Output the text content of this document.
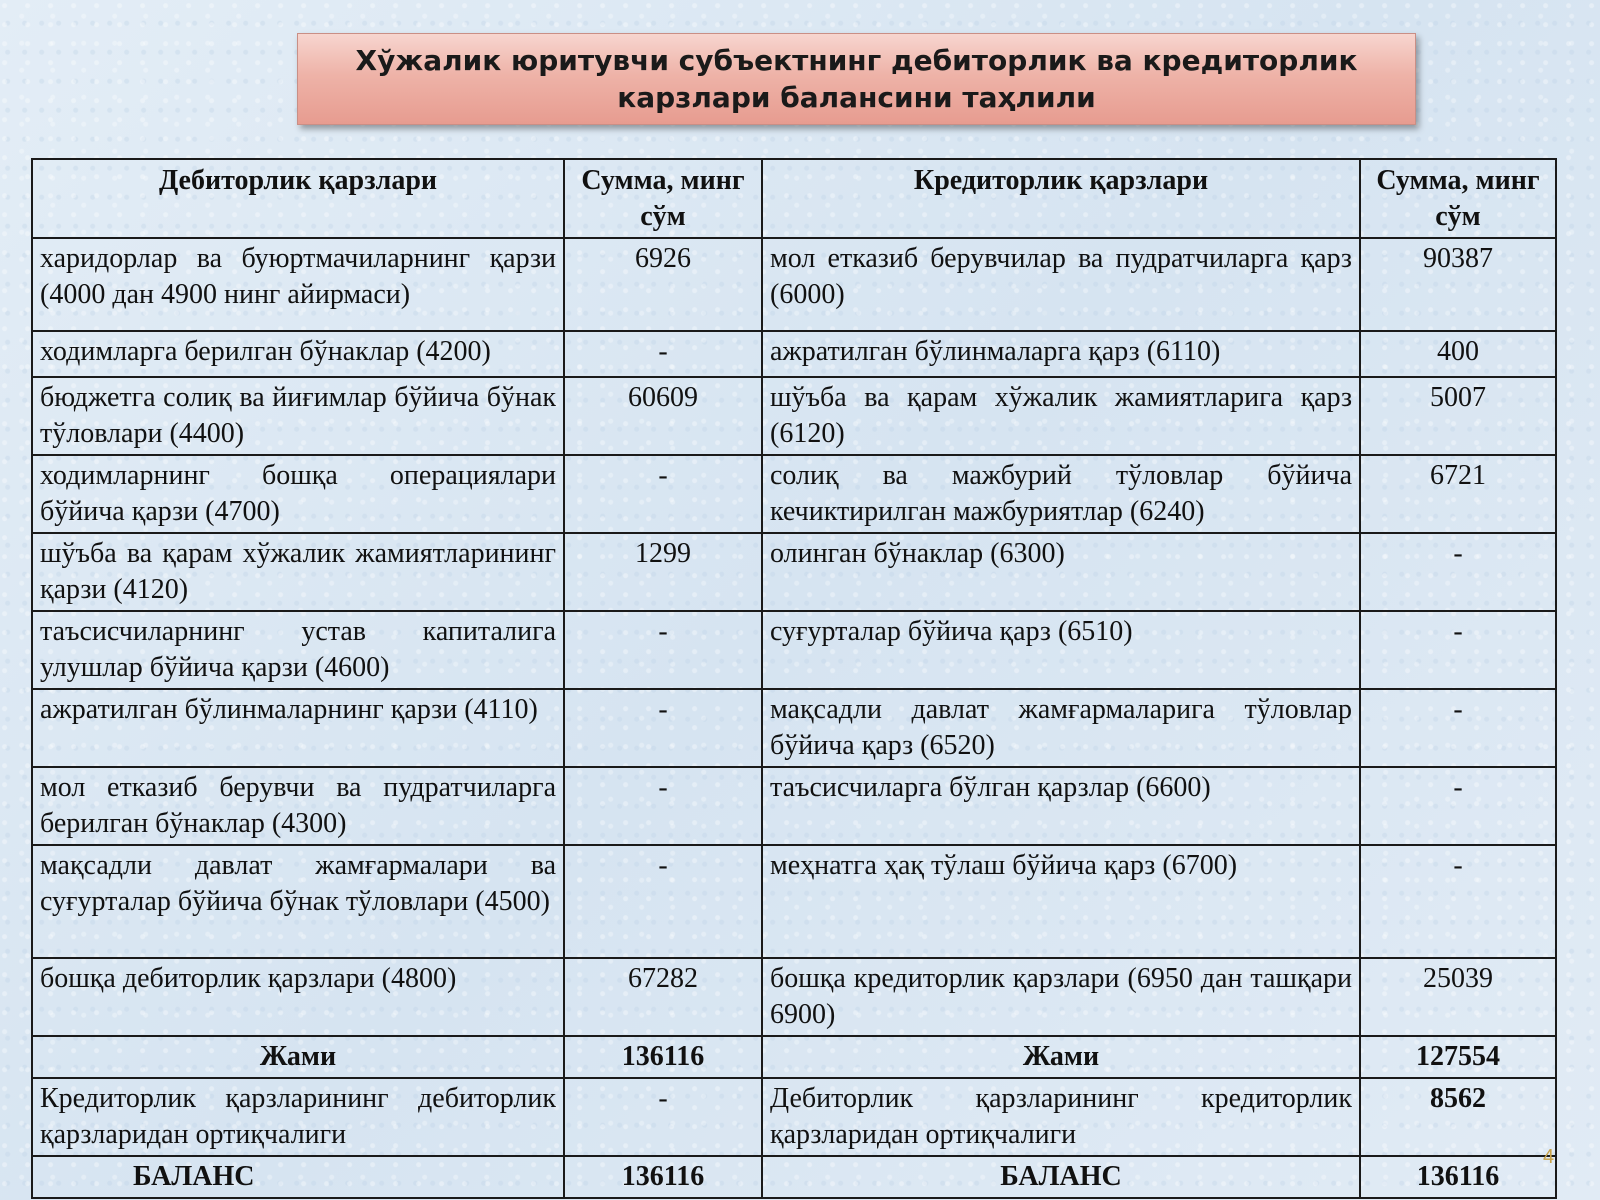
Хўжалик юритувчи субъектнинг дебиторлик ва кредиторлик карзлари балансини таҳлили
Дебиторлик қарзлари	Сумма, минг сўм	Кредиторлик қарзлари	Сумма, минг сўм
харидорлар ва буюртмачиларнинг қарзи (4000 дан 4900 нинг айирмаси)	6926	мол етказиб берувчилар ва пудратчиларга қарз (6000)	90387
ходимларга берилган бўнаклар (4200)	-	ажратилган бўлинмаларга қарз (6110)	400
бюджетга солиқ ва йиғимлар бўйича бўнак тўловлари (4400)	60609	шўъба ва қарам хўжалик жамиятларига қарз (6120)	5007
ходимларнинг бошқа операциялари бўйича қарзи (4700)	-	солиқ ва мажбурий тўловлар бўйича кечиктирилган мажбуриятлар (6240)	6721
шўъба ва қарам хўжалик жамиятларининг қарзи (4120)	1299	олинган бўнаклар (6300)	-
таъсисчиларнинг устав капиталига улушлар бўйича қарзи (4600)	-	суғурталар бўйича қарз (6510)	-
ажратилган бўлинмаларнинг қарзи (4110)	-	мақсадли давлат жамғармаларига тўловлар бўйича қарз (6520)	-
мол етказиб берувчи ва пудратчиларга берилган бўнаклар (4300)	-	таъсисчиларга бўлган қарзлар (6600)	-
мақсадли давлат жамғармалари ва суғурталар бўйича бўнак тўловлари (4500)	-	меҳнатга ҳақ тўлаш бўйича қарз (6700)	-
бошқа дебиторлик қарзлари (4800)	67282	бошқа кредиторлик қарзлари (6950 дан ташқари 6900)	25039
Жами	136116	Жами	127554
Кредиторлик қарзларининг дебиторлик қарзларидан ортиқчалиги	-	Дебиторлик қарзларининг кредиторлик қарзларидан ортиқчалиги	8562
БАЛАНС	136116	БАЛАНС	136116
4
